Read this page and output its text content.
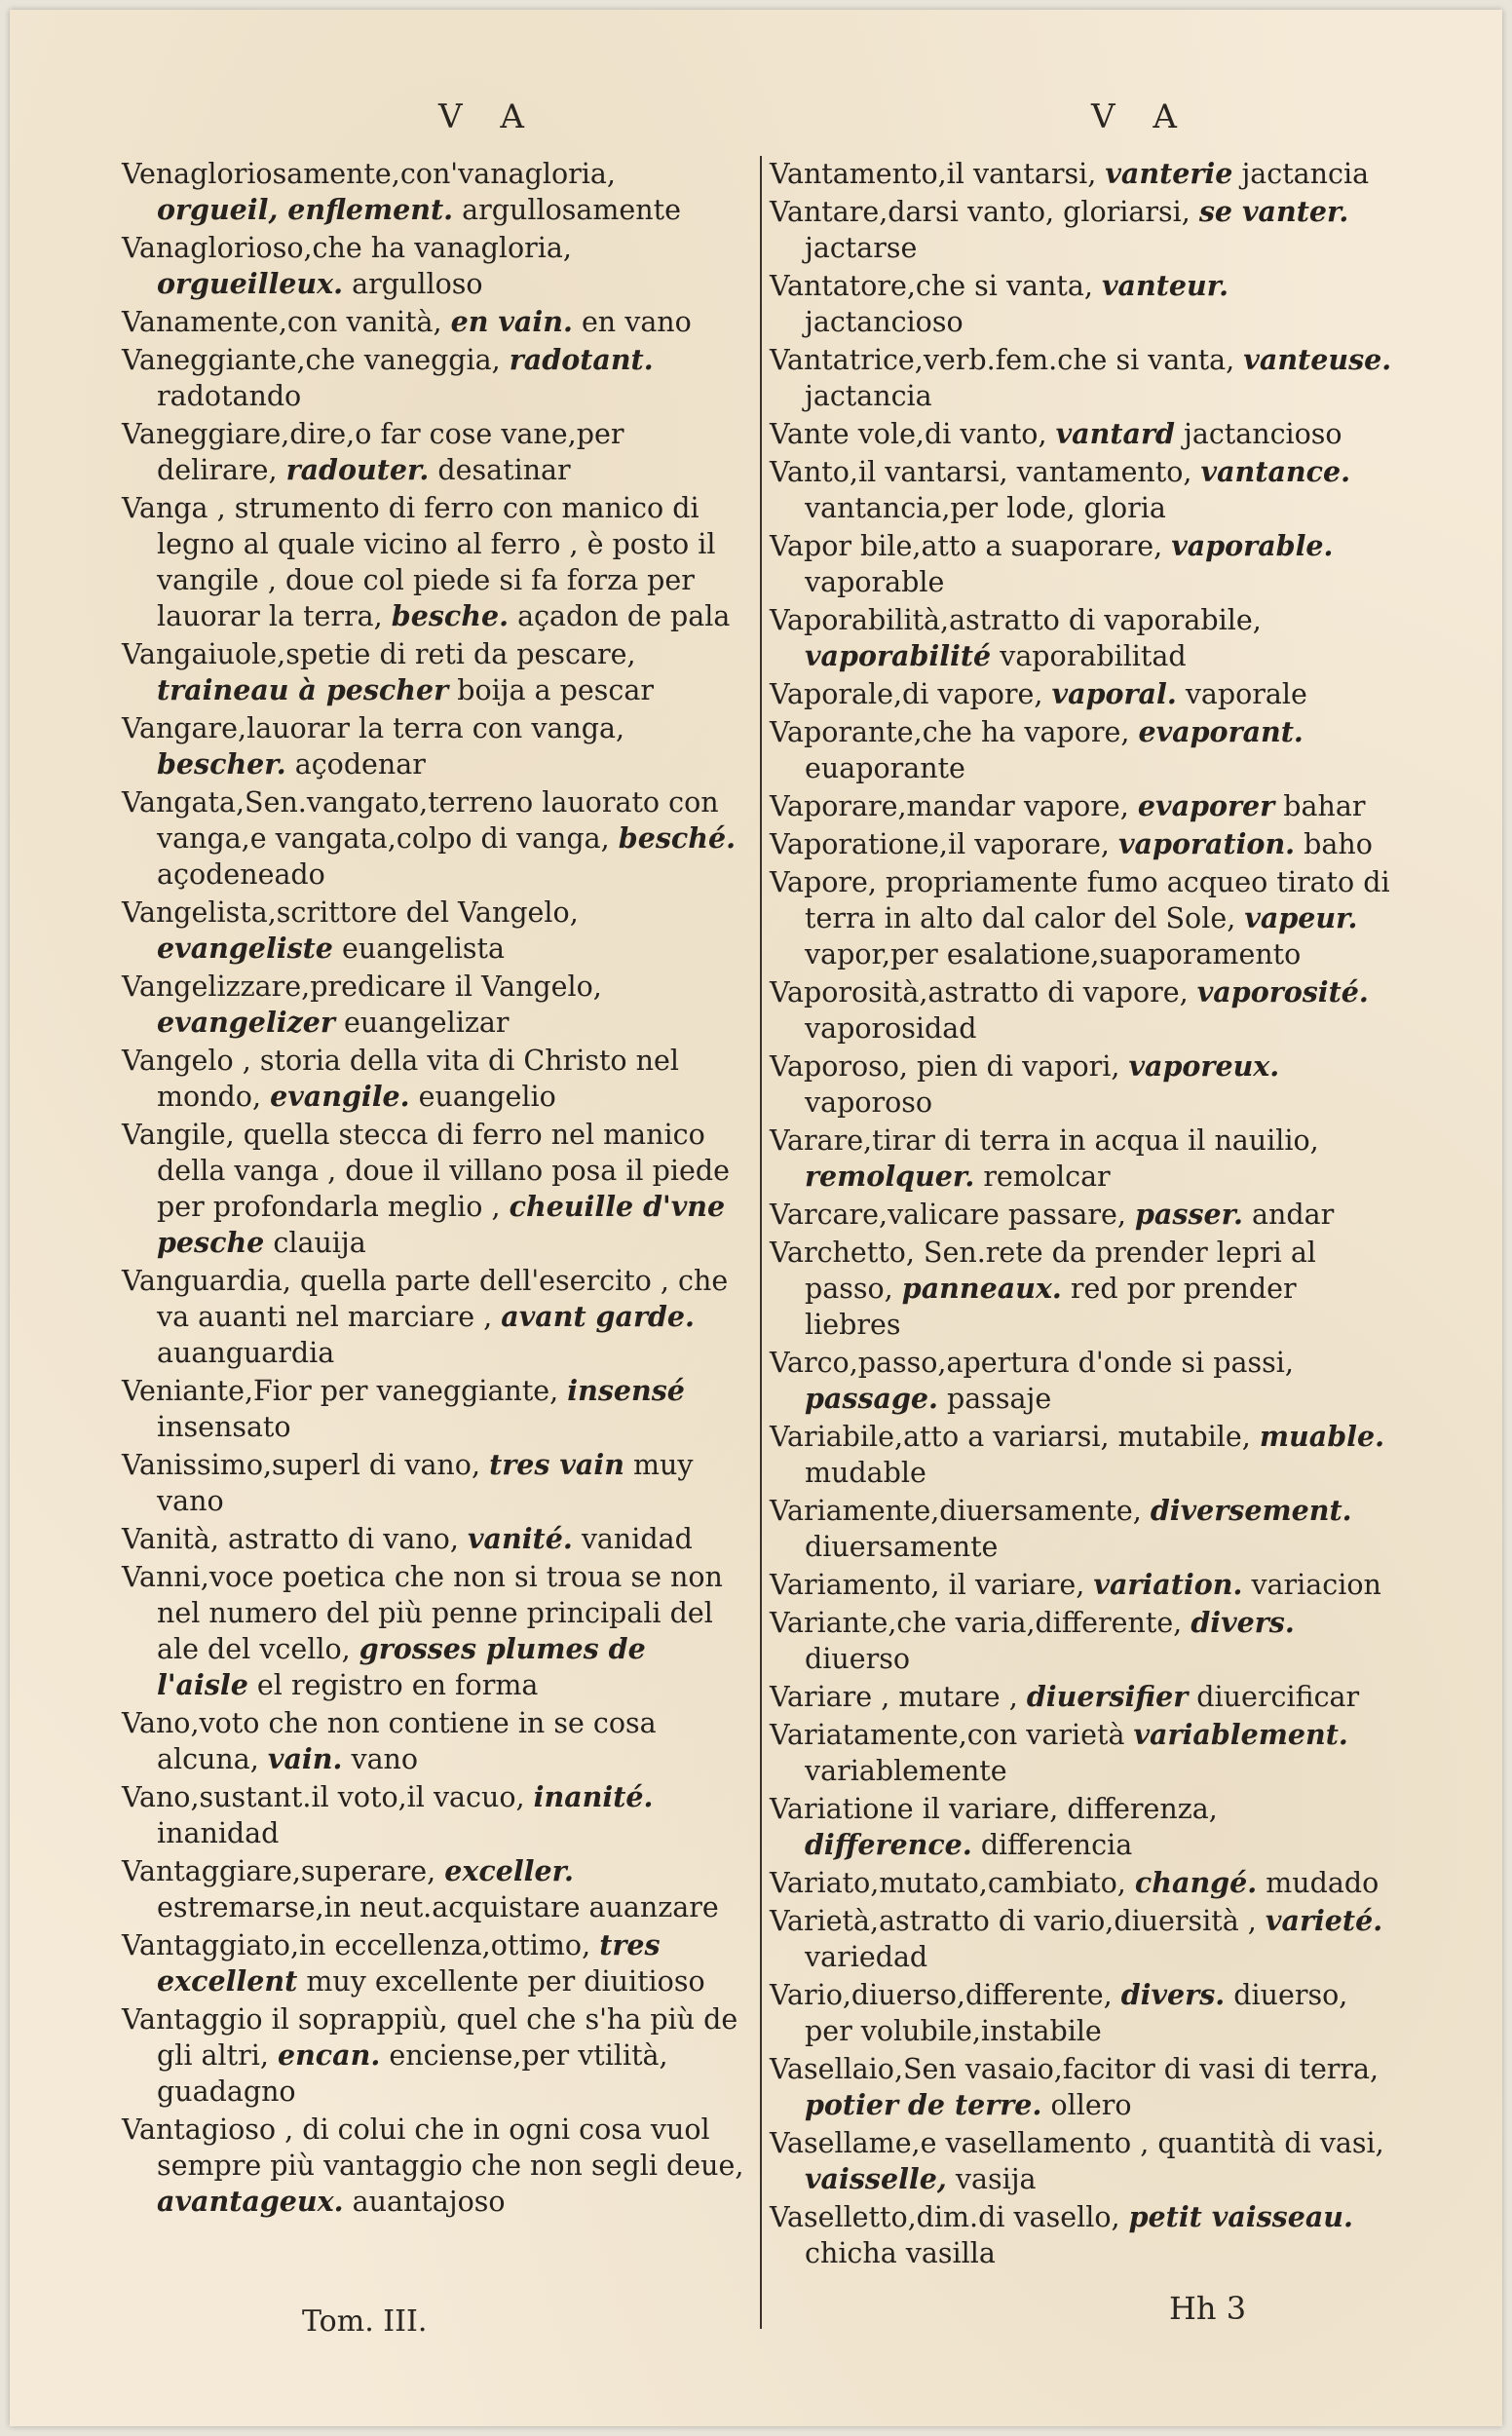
V A	V A
Venagloriosamente,con'vanagloria, orgueil, enflement. argullosamente
Vanaglorioso,che ha vanagloria, orgueilleux. argulloso
Vanamente,con vanità, en vain. en vano
Vaneggiante,che vaneggia, radotant. radotando
Vaneggiare,dire,o far cose vane,per delirare, radouter. desatinar
Vanga , strumento di ferro con manico di legno al quale vicino al ferro , è posto il vangile , doue col piede si fa forza per lauorar la terra, besche. açadon de pala
Vangaiuole,spetie di reti da pescare, traineau à pescher boija a pescar
Vangare,lauorar la terra con vanga, bescher. açodenar
Vangata,Sen.vangato,terreno lauorato con vanga,e vangata,colpo di vanga, besché. açodeneado
Vangelista,scrittore del Vangelo, evangeliste euangelista
Vangelizzare,predicare il Vangelo, evangelizer euangelizar
Vangelo , storia della vita di Christo nel mondo, evangile. euangelio
Vangile, quella stecca di ferro nel manico della vanga , doue il villano posa il piede per profondarla meglio , cheuille d'vne pesche clauija
Vanguardia, quella parte dell'esercito , che va auanti nel marciare , avant garde. auanguardia
Veniante,Fior per vaneggiante, insensé insensato
Vanissimo,superl di vano, tres vain muy vano
Vanità, astratto di vano, vanité. vanidad
Vanni,voce poetica che non si troua se non nel numero del più penne principali del ale del vcello, grosses plumes de l'aisle el registro en forma
Vano,voto che non contiene in se cosa alcuna, vain. vano
Vano,sustant.il voto,il vacuo, inanité. inanidad
Vantaggiare,superare, exceller. estremarse,in neut.acquistare auanzare
Vantaggiato,in eccellenza,ottimo, tres excellent muy excellente per diuitioso
Vantaggio il soprappiù, quel che s'ha più de gli altri, encan. enciense,per vtilità, guadagno
Vantagioso , di colui che in ogni cosa vuol sempre più vantaggio che non segli deue, avantageux. auantajoso
Vantamento,il vantarsi, vanterie jactancia
Vantare,darsi vanto, gloriarsi, se vanter. jactarse
Vantatore,che si vanta, vanteur. jactancioso
Vantatrice,verb.fem.che si vanta, vanteuse. jactancia
Vante vole,di vanto, vantard jactancioso
Vanto,il vantarsi, vantamento, vantance. vantancia,per lode, gloria
Vapor bile,atto a suaporare, vaporable. vaporable
Vaporabilità,astratto di vaporabile, vaporabilité vaporabilitad
Vaporale,di vapore, vaporal. vaporale
Vaporante,che ha vapore, evaporant. euaporante
Vaporare,mandar vapore, evaporer bahar
Vaporatione,il vaporare, vaporation. baho
Vapore, propriamente fumo acqueo tirato di terra in alto dal calor del Sole, vapeur. vapor,per esalatione,suaporamento
Vaporosità,astratto di vapore, vaporosité. vaporosidad
Vaporoso, pien di vapori, vaporeux. vaporoso
Varare,tirar di terra in acqua il nauilio, remolquer. remolcar
Varcare,valicare passare, passer. andar
Varchetto, Sen.rete da prender lepri al passo, panneaux. red por prender liebres
Varco,passo,apertura d'onde si passi, passage. passaje
Variabile,atto a variarsi, mutabile, muable. mudable
Variamente,diuersamente, diversement. diuersamente
Variamento, il variare, variation. variacion
Variante,che varia,differente, divers. diuerso
Variare , mutare , diuersifier diuercificar
Variatamente,con varietà variablement. variablemente
Variatione il variare, differenza, difference. differencia
Variato,mutato,cambiato, changé. mudado
Varietà,astratto di vario,diuersità , varieté. variedad
Vario,diuerso,differente, divers. diuerso, per volubile,instabile
Vasellaio,Sen vasaio,facitor di vasi di terra, potier de terre. ollero
Vasellame,e vasellamento , quantità di vasi, vaisselle, vasija
Vaselletto,dim.di vasello, petit vaisseau. chicha vasilla
Tom. III.	Hh 3
